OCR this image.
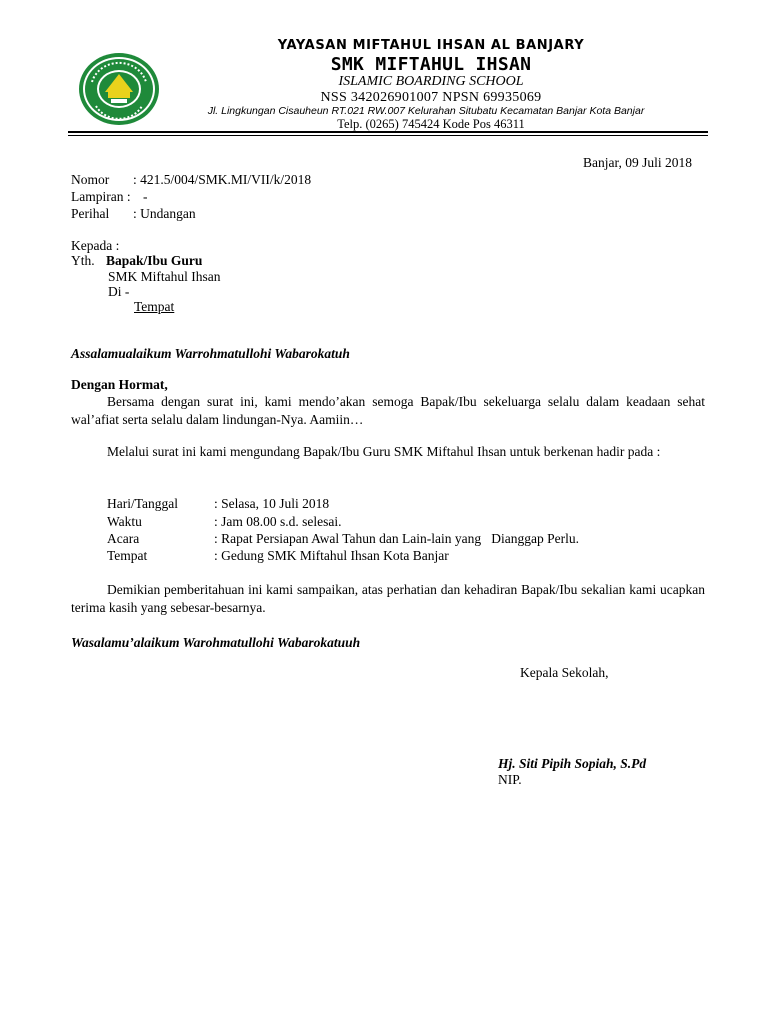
YAYASAN MIFTAHUL IHSAN AL BANJARY
SMK MIFTAHUL IHSAN
ISLAMIC BOARDING SCHOOL
NSS 342026901007 NPSN 69935069
Jl. Lingkungan Cisauheun RT.021 RW.007 Kelurahan Situbatu Kecamatan Banjar Kota Banjar
Telp. (0265) 745424 Kode Pos 46311
Banjar, 09 Juli 2018
Nomor : 421.5/004/SMK.MI/VII/k/2018
Lampiran : -
Perihal : Undangan
Kepada :
Yth. Bapak/Ibu Guru
SMK Miftahul Ihsan
Di -
Tempat
Assalamualaikum Warrohmatullohi Wabarokatuh
Dengan Hormat,
Bersama dengan surat ini, kami mendo’akan semoga Bapak/Ibu sekeluarga selalu dalam keadaan sehat wal’afiat serta selalu dalam lindungan-Nya. Aamiin…
Melalui surat ini kami mengundang Bapak/Ibu Guru SMK Miftahul Ihsan untuk berkenan hadir pada :
Hari/Tanggal	: Selasa, 10 Juli 2018
Waktu	: Jam 08.00 s.d. selesai.
Acara	: Rapat Persiapan Awal Tahun dan Lain-lain yang   Dianggap Perlu.
Tempat	: Gedung SMK Miftahul Ihsan Kota Banjar
Demikian pemberitahuan ini kami sampaikan, atas perhatian dan kehadiran Bapak/Ibu sekalian kami ucapkan terima kasih yang sebesar-besarnya.
Wasalamu’alaikum Warohmatullohi Wabarokatuuh
Kepala Sekolah,
Hj. Siti Pipih Sopiah, S.Pd
NIP.
